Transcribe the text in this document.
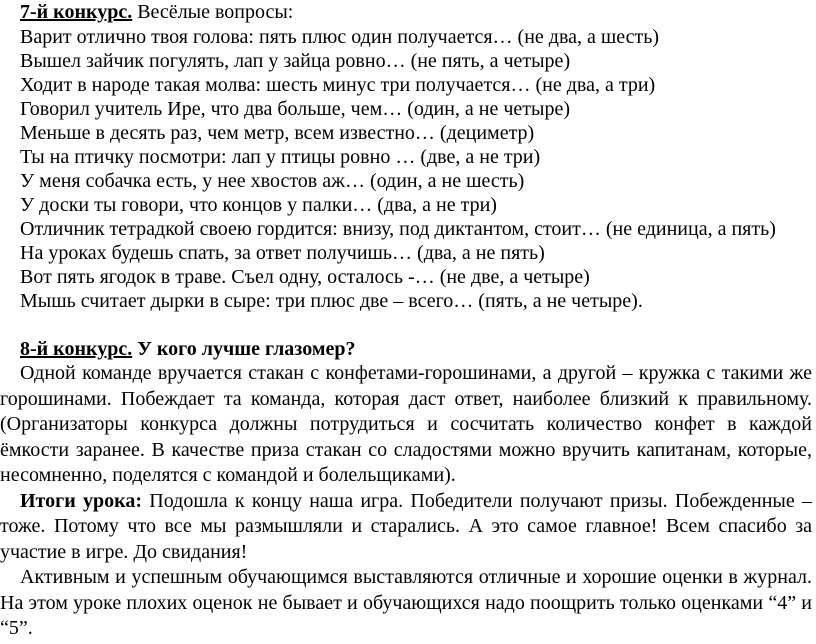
7-й конкурс. Весёлые вопросы:
Варит отлично твоя голова: пять плюс один получается… (не два, а шесть)
Вышел зайчик погулять, лап у зайца ровно… (не пять, а четыре)
Ходит в народе такая молва: шесть минус три получается… (не два, а три)
Говорил учитель Ире, что два больше, чем… (один, а не четыре)
Меньше в десять раз, чем метр, всем известно… (дециметр)
Ты на птичку посмотри: лап у птицы ровно … (две, а не три)
У меня собачка есть, у нее хвостов аж… (один, а не шесть)
У доски ты говори, что концов у палки… (два, а не три)
Отличник тетрадкой своею гордится: внизу, под диктантом, стоит… (не единица, а пять)
На уроках будешь спать, за ответ получишь… (два, а не пять)
Вот пять ягодок в траве. Съел одну, осталось -… (не две, а четыре)
Мышь считает дырки в сыре: три плюс две – всего… (пять, а не четыре).
8-й конкурс. У кого лучше глазомер?

Одной команде вручается стакан с конфетами-горошинами, а другой – кружка с такими же горошинами. Побеждает та команда, которая даст ответ, наиболее близкий к правильному. (Организаторы конкурса должны потрудиться и сосчитать количество конфет в каждой ёмкости заранее. В качестве приза стакан со сладостями можно вручить капитанам, которые, несомненно, поделятся с командой и болельщиками).

Итоги урока: Подошла к концу наша игра. Победители получают призы. Побежденные – тоже. Потому что все мы размышляли и старались. А это самое главное! Всем спасибо за участие в игре. До свидания!

Активным и успешным обучающимся выставляются отличные и хорошие оценки в журнал. На этом уроке плохих оценок не бывает и обучающихся надо поощрить только оценками “4” и “5”.
